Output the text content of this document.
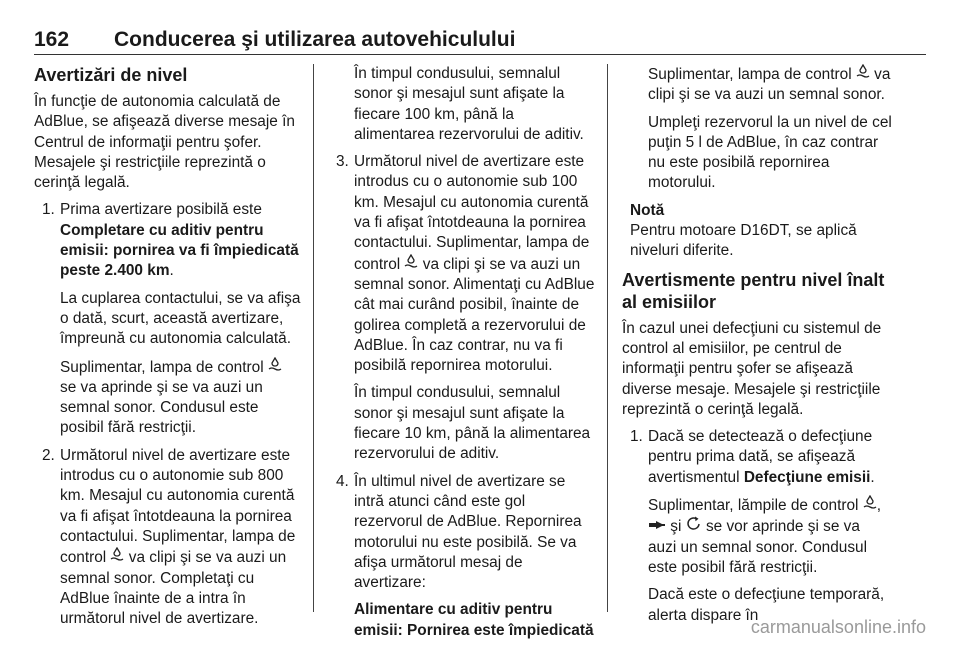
162 Conducerea şi utilizarea autovehiculului
Avertizări de nivel

În funcţie de autonomia calculată de AdBlue, se afişează diverse mesaje în Centrul de informaţii pentru şofer. Mesajele şi restricţiile reprezintă o cerinţă legală.

1. Prima avertizare posibilă este Completare cu aditiv pentru emisii: pornirea va fi împiedicată peste 2.400 km.

La cuplarea contactului, se va afişa o dată, scurt, această avertizare, împreună cu autonomia calculată.

Suplimentar, lampa de control  se va aprinde şi se va auzi un semnal sonor. Condusul este posibil fără restricţii.

2. Următorul nivel de avertizare este introdus cu o autonomie sub 800 km. Mesajul cu autonomia curentă va fi afişat întotdeauna la pornirea contactului. Suplimentar, lampa de control  va clipi şi se va auzi un semnal sonor. Completaţi cu AdBlue înainte de a intra în următorul nivel de avertizare.

În timpul condusului, semnalul sonor şi mesajul sunt afişate la fiecare 100 km, până la alimentarea rezervorului de aditiv.

3. Următorul nivel de avertizare este introdus cu o autonomie sub 100 km. Mesajul cu autonomia curentă va fi afişat întotdeauna la pornirea contactului. Suplimentar, lampa de control  va clipi şi se va auzi un semnal sonor. Alimentaţi cu AdBlue cât mai curând posibil, înainte de golirea completă a rezervorului de AdBlue. În caz contrar, nu va fi posibilă repornirea motorului.

În timpul condusului, semnalul sonor şi mesajul sunt afişate la fiecare 10 km, până la alimentarea rezervorului de aditiv.

4. În ultimul nivel de avertizare se intră atunci când este gol rezervorul de AdBlue. Repornirea motorului nu este posibilă. Se va afişa următorul mesaj de avertizare:

Alimentare cu aditiv pentru emisii: Pornirea este împiedicată

Suplimentar, lampa de control  va clipi şi se va auzi un semnal sonor.

Umpleţi rezervorul la un nivel de cel puţin 5 l de AdBlue, în caz contrar nu este posibilă repornirea motorului.

Notă

Pentru motoare D16DT, se aplică niveluri diferite.

Avertismente pentru nivel înalt al emisiilor

În cazul unei defecţiuni cu sistemul de control al emisiilor, pe centrul de informaţii pentru şofer se afişează diverse mesaje. Mesajele şi restricţiile reprezintă o cerinţă legală.

1. Dacă se detectează o defecţiune pentru prima dată, se afişează avertismentul Defecţiune emisii.

Suplimentar, lămpile de control ,  şi  se vor aprinde şi se va auzi un semnal sonor. Condusul este posibil fără restricţii.

Dacă este o defecţiune temporară, alerta dispare în

carmanualsonline.info
